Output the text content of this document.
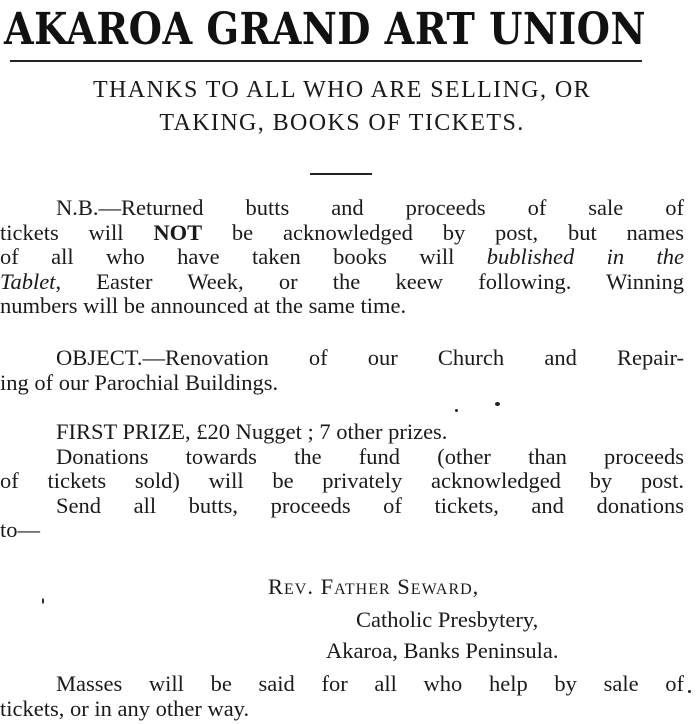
AKAROA GRAND ART UNION
THANKS TO ALL WHO ARE SELLING, OR
TAKING, BOOKS OF TICKETS.
N.B.—Returned butts and proceeds of sale of
tickets will NOT be acknowledged by post, but names
of all who have taken books will bublished in the
Tablet, Easter Week, or the keew following. Winning
numbers will be announced at the same time.
OBJECT.—Renovation of our Church and Repair-
ing of our Parochial Buildings.
FIRST PRIZE, £20 Nugget ; 7 other prizes.
Donations towards the fund (other than proceeds
of tickets sold) will be privately acknowledged by post.
Send all butts, proceeds of tickets, and donations
to—
Rev. Father Seward,
Catholic Presbytery,
Akaroa, Banks Peninsula.
Masses will be said for all who help by sale of
tickets, or in any other way.
